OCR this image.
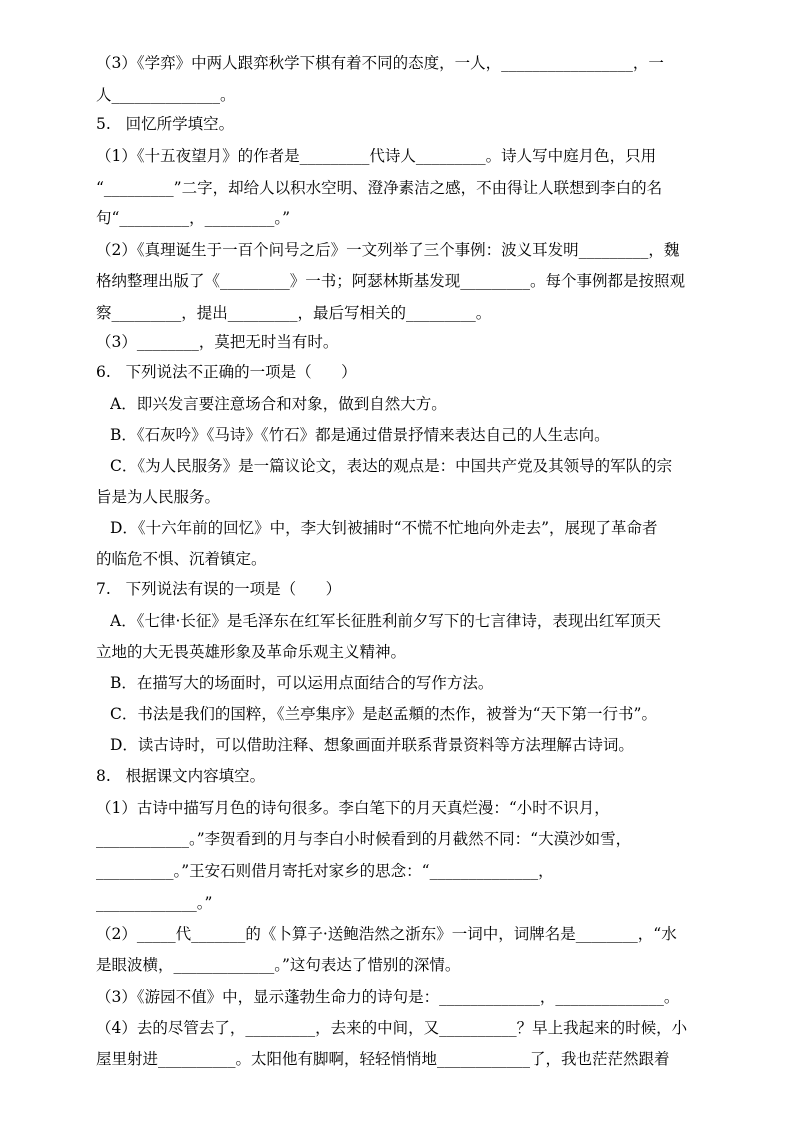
（3）《学弈》中两人跟弈秋学下棋有着不同的态度，一人，_________________，一
人______________。
5.   回忆所学填空。
（1）《十五夜望月》的作者是_________代诗人_________。诗人写中庭月色，只用
“_________”二字，却给人以积水空明、澄净素洁之感，不由得让人联想到李白的名
句“_________，_________。”
（2）《真理诞生于一百个问号之后》一文列举了三个事例：波义耳发明_________，魏
格纳整理出版了《_________》一书；阿瑟林斯基发现_________。每个事例都是按照观
察_________，提出_________，最后写相关的_________。
（3）________，莫把无时当有时。
6.   下列说法不正确的一项是（      ）
A．即兴发言要注意场合和对象，做到自然大方。
B．《石灰吟》《马诗》《竹石》都是通过借景抒情来表达自己的人生志向。
C．《为人民服务》是一篇议论文，表达的观点是：中国共产党及其领导的军队的宗
旨是为人民服务。
D．《十六年前的回忆》中，李大钊被捕时“不慌不忙地向外走去”，展现了革命者
的临危不惧、沉着镇定。
7.   下列说法有误的一项是（      ）
A．《七律·长征》是毛泽东在红军长征胜利前夕写下的七言律诗，表现出红军顶天
立地的大无畏英雄形象及革命乐观主义精神。
B．在描写大的场面时，可以运用点面结合的写作方法。
C．书法是我们的国粹，《兰亭集序》是赵孟頫的杰作，被誉为“天下第一行书”。
D．读古诗时，可以借助注释、想象画面并联系背景资料等方法理解古诗词。
8.   根据课文内容填空。
（1）古诗中描写月色的诗句很多。李白笔下的月天真烂漫：“小时不识月，
____________。”李贺看到的月与李白小时候看到的月截然不同：“大漠沙如雪，
__________。”王安石则借月寄托对家乡的思念：“______________，
_____________。”
（2）_____代_______的《卜算子·送鲍浩然之浙东》一词中，词牌名是________，“水
是眼波横，_____________。”这句表达了惜别的深情。
（3）《游园不值》中，显示蓬勃生命力的诗句是：_____________，______________。
（4）去的尽管去了，_________，去来的中间，又__________？早上我起来的时候，小
屋里射进__________。太阳他有脚啊，轻轻悄悄地____________了，我也茫茫然跟着
